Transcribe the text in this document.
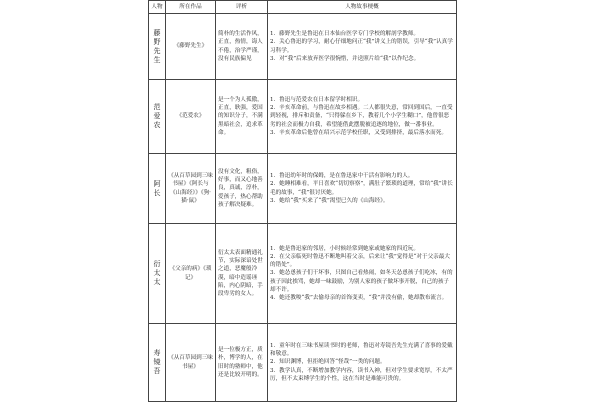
人物	所在作品	评析	人物故事梗概
藤野先生	《藤野先生》	简朴的生活作风，正直，热情，诲人不倦，治学严谨，没有民族偏见	1．藤野先生是鲁迅在日本仙台医学专门学校的解剖学教师。

2．关心鲁迅的学习，耐心仔细地问正“我”讲义上的错误，引导“我”认真学习科学。

3．对“我”后来放弃医学很惋惜，并送照片给“我”以作纪念。

范爱农	《范爱农》	是一个为人孤傲，正直，耿强，爱国的知识分子，不满黑暗社会，追求革命。	1．鲁迅与范爱农在日本留学时相识。

2．辛亥革命前，与鲁迅在故乡相遇。二人都很失意，常回到国后，一直受到轻视，排斥和责备，“只得躲在乡下，教着几个小学生糊口”，他曾很恶劣的社会而极力自我，希望能借此摆脱被追逐的地位，做一番事业。

3．辛亥革命后他曾在绍兴示范学校任职，又受到排挤，最后落水而死。

阿长	《从百草园到三味书屋》《阿长与《山海经》》《狗·猫·鼠》	没有文化，粗俗，好事，而又心地善良，真诚，淳朴，爱孩子，热心帮助孩子解决疑难。	1．鲁迅幼年时的保姆，是在鲁迅家中干活有影响力的人。

2．她睡相难看，平日喜欢“切切察察”，满肚子繁琐的道理，常给“我”讲长毛的故事，“我”很讨厌她。

3．她给“我”买来了“我”渴望已久的《山海经》。

衍太太	《父亲的病》《琐记》	衍太太表面精通礼节，实际深谙处世之道，恶魔般冷漠，暗中造谣诬陷，内心阴暗，手段卑劣的女人。	1．她是鲁迅家的邻居，小时候经常到她家或她家的四近玩。

2．在父亲临死时鲁迅不断地叫着父亲，后来让“我”觉得是“对于父亲最大的错处”。

3．她怂恿孩子们干坏事，只图自己看热闹，如冬天怂恿孩子们吃冰，有的孩子因此挨骂，她却一味鼓励，为别人家的孩子做坏事开脱，自己的孩子却不许。

4．她还教唆“我”去偷母亲的首饰变卖，“我”并没有偷，她却散布流言。

寿镜吾	《从百草园到三味书屋》	是一位极方正，质朴，博学的人，在旧时的塾师中，他还是比较开明的。	1．童年时在三味书屋读书时的老师，鲁迅对寿镜吾先生充满了喜事的爱戴和敬意。

2．知识渊博，但拒绝回答“怪哉”一类的问题。

3．教学认真，不断增加教学内容，读书入神，但对学生要求宽厚，不太严厉，但不太束缚学生的个性，这在当时是难能可贵的。
